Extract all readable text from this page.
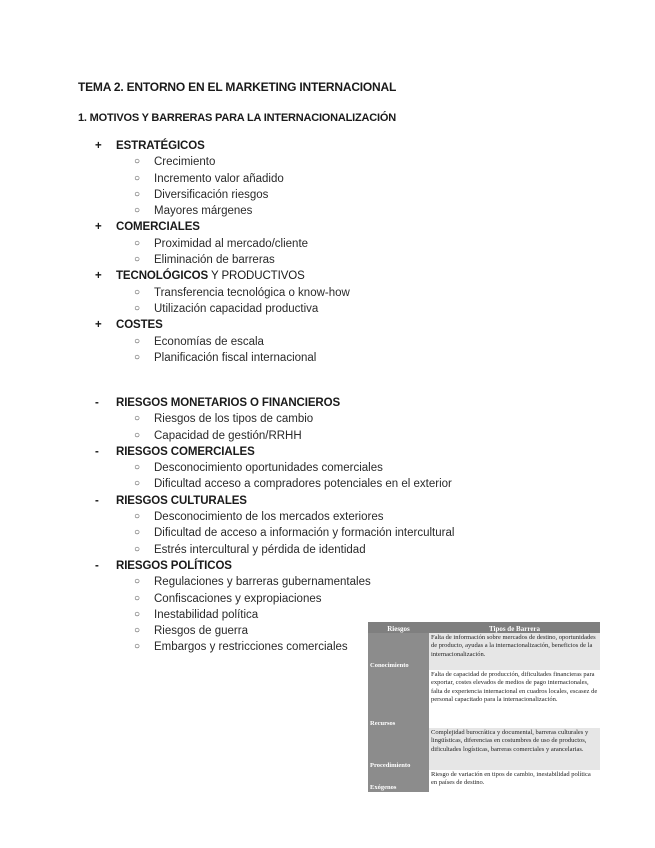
TEMA 2. ENTORNO EN EL MARKETING INTERNACIONAL
1. MOTIVOS Y BARRERAS PARA LA INTERNACIONALIZACIÓN
+	ESTRATÉGICOS
○ Crecimiento
○ Incremento valor añadido
○ Diversificación riesgos
○ Mayores márgenes
+	COMERCIALES
○ Proximidad al mercado/cliente
○ Eliminación de barreras
+	TECNOLÓGICOS Y PRODUCTIVOS
○ Transferencia tecnológica o know-how
○ Utilización capacidad productiva
+	COSTES
○ Economías de escala
○ Planificación fiscal internacional
-	RIESGOS MONETARIOS O FINANCIEROS
○ Riesgos de los tipos de cambio
○ Capacidad de gestión/RRHH
-	RIESGOS COMERCIALES
○ Desconocimiento oportunidades comerciales
○ Dificultad acceso a compradores potenciales en el exterior
-	RIESGOS CULTURALES
○ Desconocimiento de los mercados exteriores
○ Dificultad de acceso a información y formación intercultural
○ Estrés intercultural y pérdida de identidad
-	RIESGOS POLÍTICOS
○ Regulaciones y barreras gubernamentales
○ Confiscaciones y expropiaciones
○ Inestabilidad política
○ Riesgos de guerra
○ Embargos y restricciones comerciales
Riesgos	Tipos de Barrera
Conocimiento	Falta de información sobre mercados de destino, oportunidades de producto, ayudas a la internacionalización, beneficios de la internacionalización.
Recursos	Falta de capacidad de producción, dificultades financieras para exportar, costes elevados de medios de pago internacionales, falta de experiencia internacional en cuadros locales, escasez de personal capacitado para la internacionalización.
Procedimiento	Complejidad burocrática y documental, barreras culturales y lingüísticas, diferencias en costumbres de uso de productos, dificultades logísticas, barreras comerciales y arancelarias.
Exógenos	Riesgo de variación en tipos de cambio, inestabilidad política en países de destino.
